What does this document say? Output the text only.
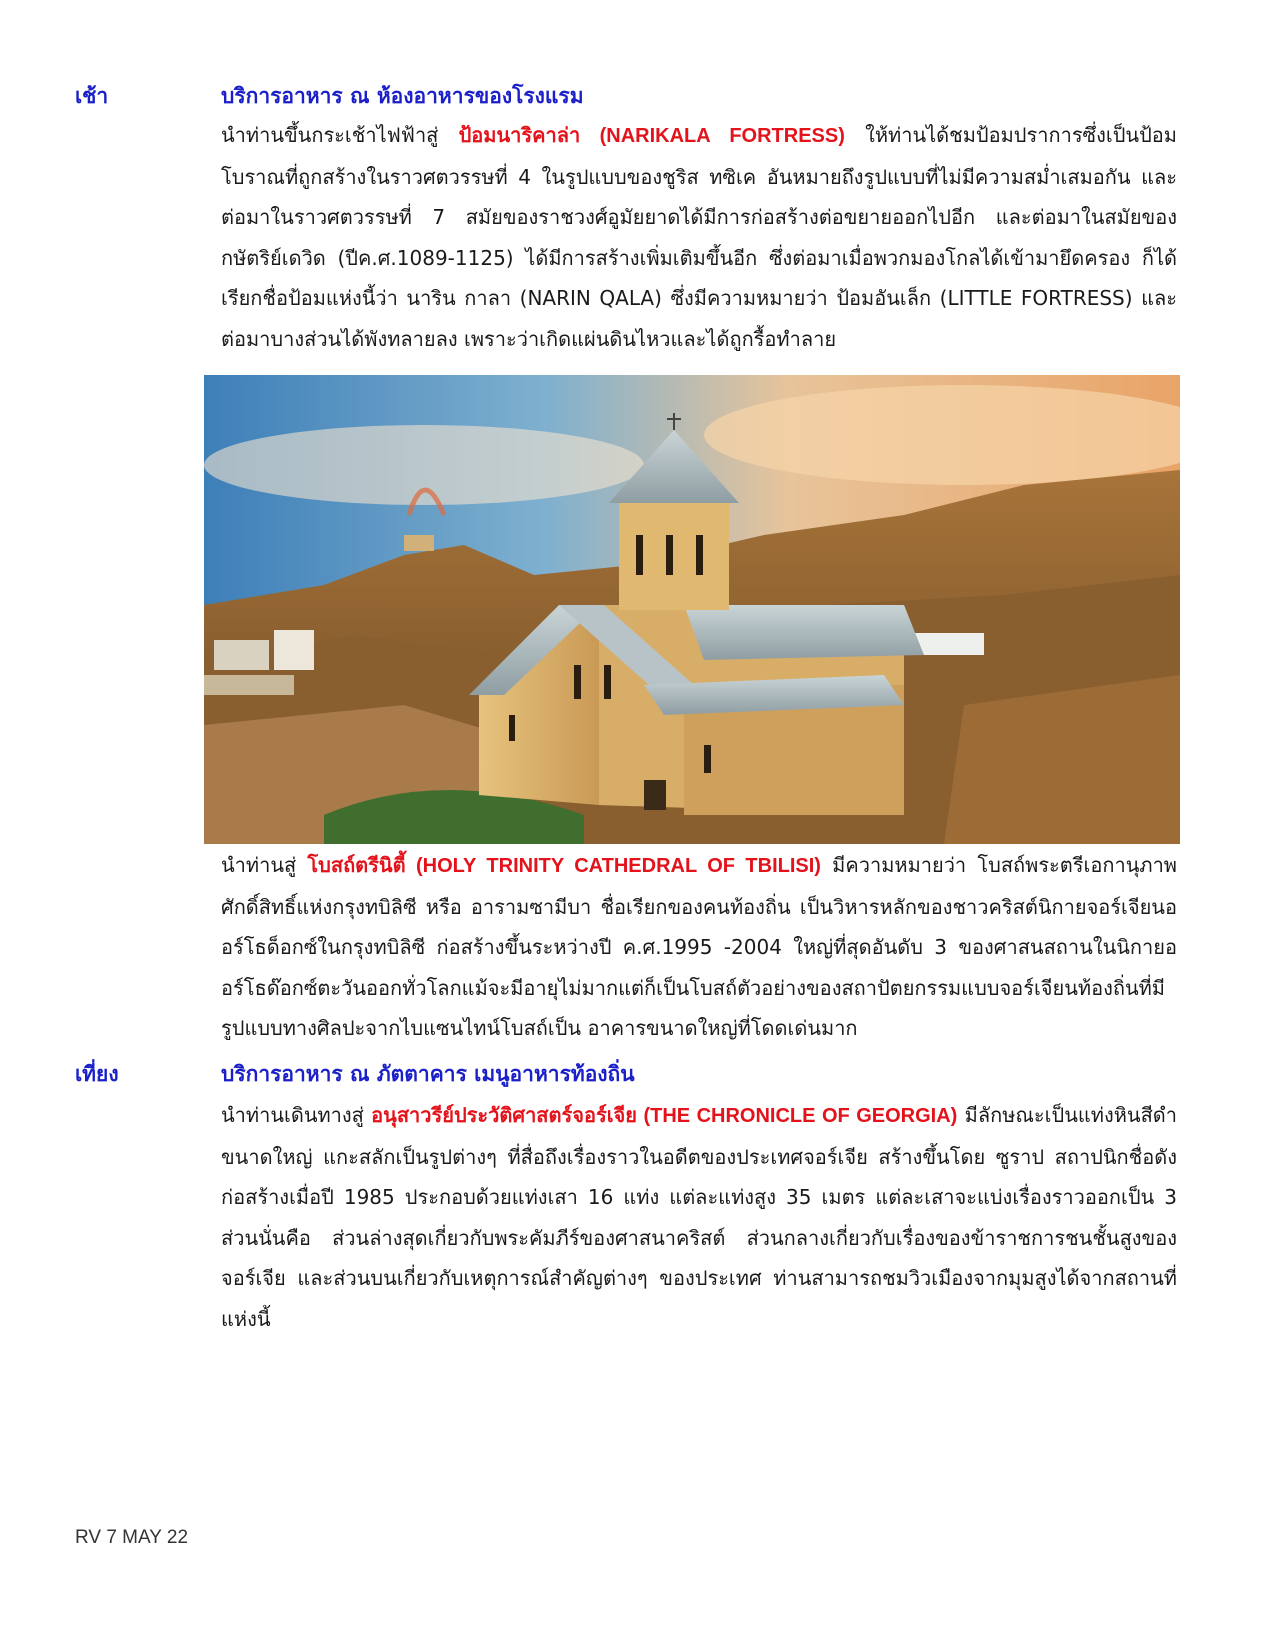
เช้า	บริการอาหาร ณ ห้องอาหารของโรงแรม
นำท่านขึ้นกระเช้าไฟฟ้าสู่ ป้อมนาริคาล่า (NARIKALA FORTRESS) ให้ท่านได้ชมป้อมปราการซึ่งเป็นป้อมโบราณที่ถูกสร้างในราวศตวรรษที่ 4 ในรูปแบบของชูริส ทซิเค อันหมายถึงรูปแบบที่ไม่มีความสม่ำเสมอกัน และต่อมาในราวศตวรรษที่ 7 สมัยของราชวงศ์อูมัยยาดได้มีการก่อสร้างต่อขยายออกไปอีก และต่อมาในสมัยของกษัตริย์เดวิด (ปีค.ศ.1089-1125) ได้มีการสร้างเพิ่มเติมขึ้นอีก ซึ่งต่อมาเมื่อพวกมองโกลได้เข้ามายึดครอง ก็ได้เรียกชื่อป้อมแห่งนี้ว่า นาริน กาลา (NARIN QALA) ซึ่งมีความหมายว่า ป้อมอันเล็ก (LITTLE FORTRESS) และต่อมาบางส่วนได้พังทลายลง เพราะว่าเกิดแผ่นดินไหวและได้ถูกรื้อทำลาย
นำท่านสู่ โบสถ์ตรีนิตี้ (HOLY TRINITY CATHEDRAL OF TBILISI) มีความหมายว่า โบสถ์พระตรีเอกานุภาพศักดิ์สิทธิ์แห่งกรุงทบิลิซี หรือ อารามซามีบา ชื่อเรียกของคนท้องถิ่น เป็นวิหารหลักของชาวคริสต์นิกายจอร์เจียนออร์โธด็อกซ์ในกรุงทบิลิซี ก่อสร้างขึ้นระหว่างปี ค.ศ.1995 -2004 ใหญ่ที่สุดอันดับ 3 ของศาสนสถานในนิกายออร์โธด๊อกซ์ตะวันออกทั่วโลกแม้จะมีอายุไม่มากแต่ก็เป็นโบสถ์ตัวอย่างของสถาปัตยกรรมแบบจอร์เจียนท้องถิ่นที่มีรูปแบบทางศิลปะจากไบแซนไทน์โบสถ์เป็น อาคารขนาดใหญ่ที่โดดเด่นมาก
เที่ยง	บริการอาหาร ณ ภัตตาคาร เมนูอาหารท้องถิ่น
นำท่านเดินทางสู่ อนุสาวรีย์ประวัติศาสตร์จอร์เจีย (THE CHRONICLE OF GEORGIA) มีลักษณะเป็นแท่งหินสีดำขนาดใหญ่ แกะสลักเป็นรูปต่างๆ ที่สื่อถึงเรื่องราวในอดีตของประเทศจอร์เจีย สร้างขึ้นโดย ซูราป สถาปนิกชื่อดังก่อสร้างเมื่อปี 1985 ประกอบด้วยแท่งเสา 16 แท่ง แต่ละแท่งสูง 35 เมตร แต่ละเสาจะแบ่งเรื่องราวออกเป็น 3 ส่วนนั่นคือ ส่วนล่างสุดเกี่ยวกับพระคัมภีร์ของศาสนาคริสต์ ส่วนกลางเกี่ยวกับเรื่องของข้าราชการชนชั้นสูงของจอร์เจีย และส่วนบนเกี่ยวกับเหตุการณ์สำคัญต่างๆ ของประเทศ ท่านสามารถชมวิวเมืองจากมุมสูงได้จากสถานที่แห่งนี้
RV 7 MAY 22
